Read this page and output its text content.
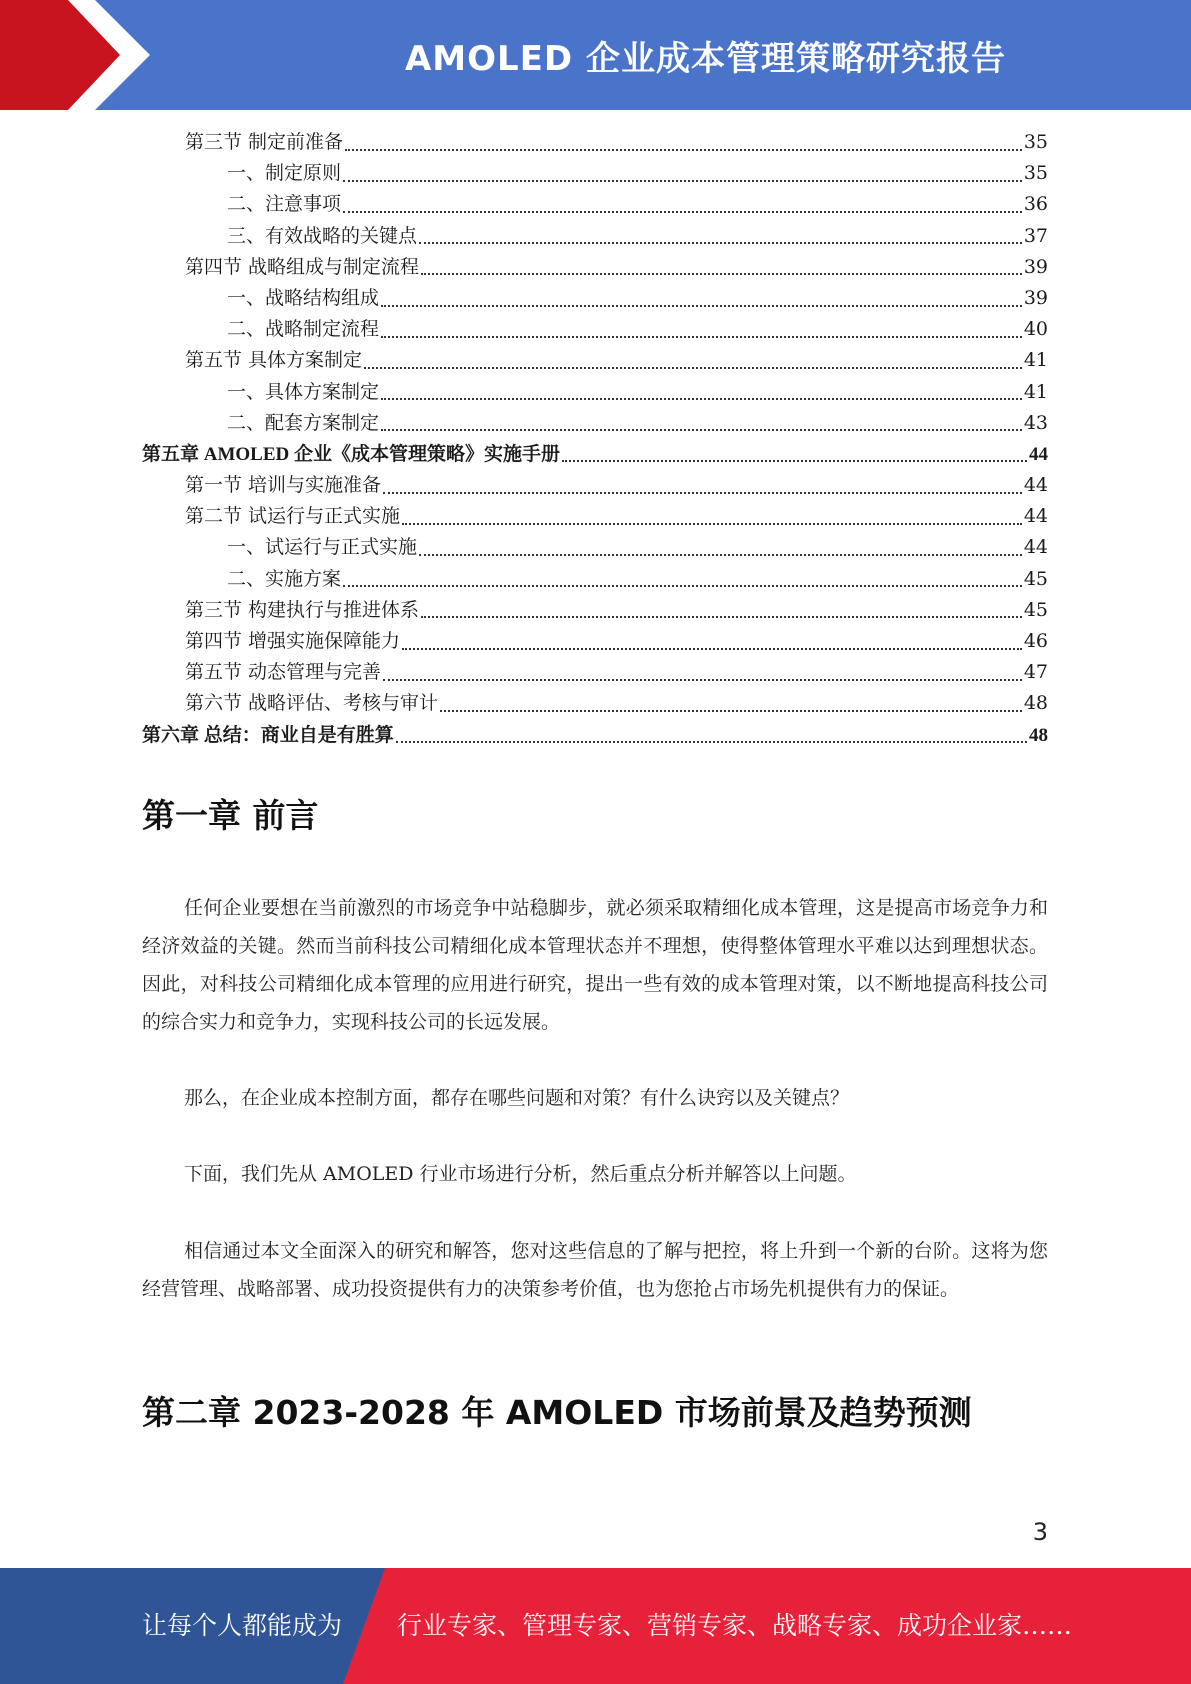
AMOLED 企业成本管理策略研究报告
第三节 制定前准备	35
一、制定原则	35
二、注意事项	36
三、有效战略的关键点	37
第四节 战略组成与制定流程	39
一、战略结构组成	39
二、战略制定流程	40
第五节 具体方案制定	41
一、具体方案制定	41
二、配套方案制定	43
第五章 AMOLED 企业《成本管理策略》实施手册	44
第一节 培训与实施准备	44
第二节 试运行与正式实施	44
一、试运行与正式实施	44
二、实施方案	45
第三节 构建执行与推进体系	45
第四节 增强实施保障能力	46
第五节 动态管理与完善	47
第六节 战略评估、考核与审计	48
第六章 总结：商业自是有胜算	48
第一章 前言

任何企业要想在当前激烈的市场竞争中站稳脚步，就必须采取精细化成本管理，这是提高市场竞争力和经济效益的关键。然而当前科技公司精细化成本管理状态并不理想，使得整体管理水平难以达到理想状态。因此，对科技公司精细化成本管理的应用进行研究，提出一些有效的成本管理对策，以不断地提高科技公司的综合实力和竞争力，实现科技公司的长远发展。

那么，在企业成本控制方面，都存在哪些问题和对策？有什么诀窍以及关键点？

下面，我们先从 AMOLED 行业市场进行分析，然后重点分析并解答以上问题。

相信通过本文全面深入的研究和解答，您对这些信息的了解与把控，将上升到一个新的台阶。这将为您经营管理、战略部署、成功投资提供有力的决策参考价值，也为您抢占市场先机提供有力的保证。

第二章 2023-2028 年 AMOLED 市场前景及趋势预测
3
让每个人都能成为 行业专家、管理专家、营销专家、战略专家、成功企业家……
